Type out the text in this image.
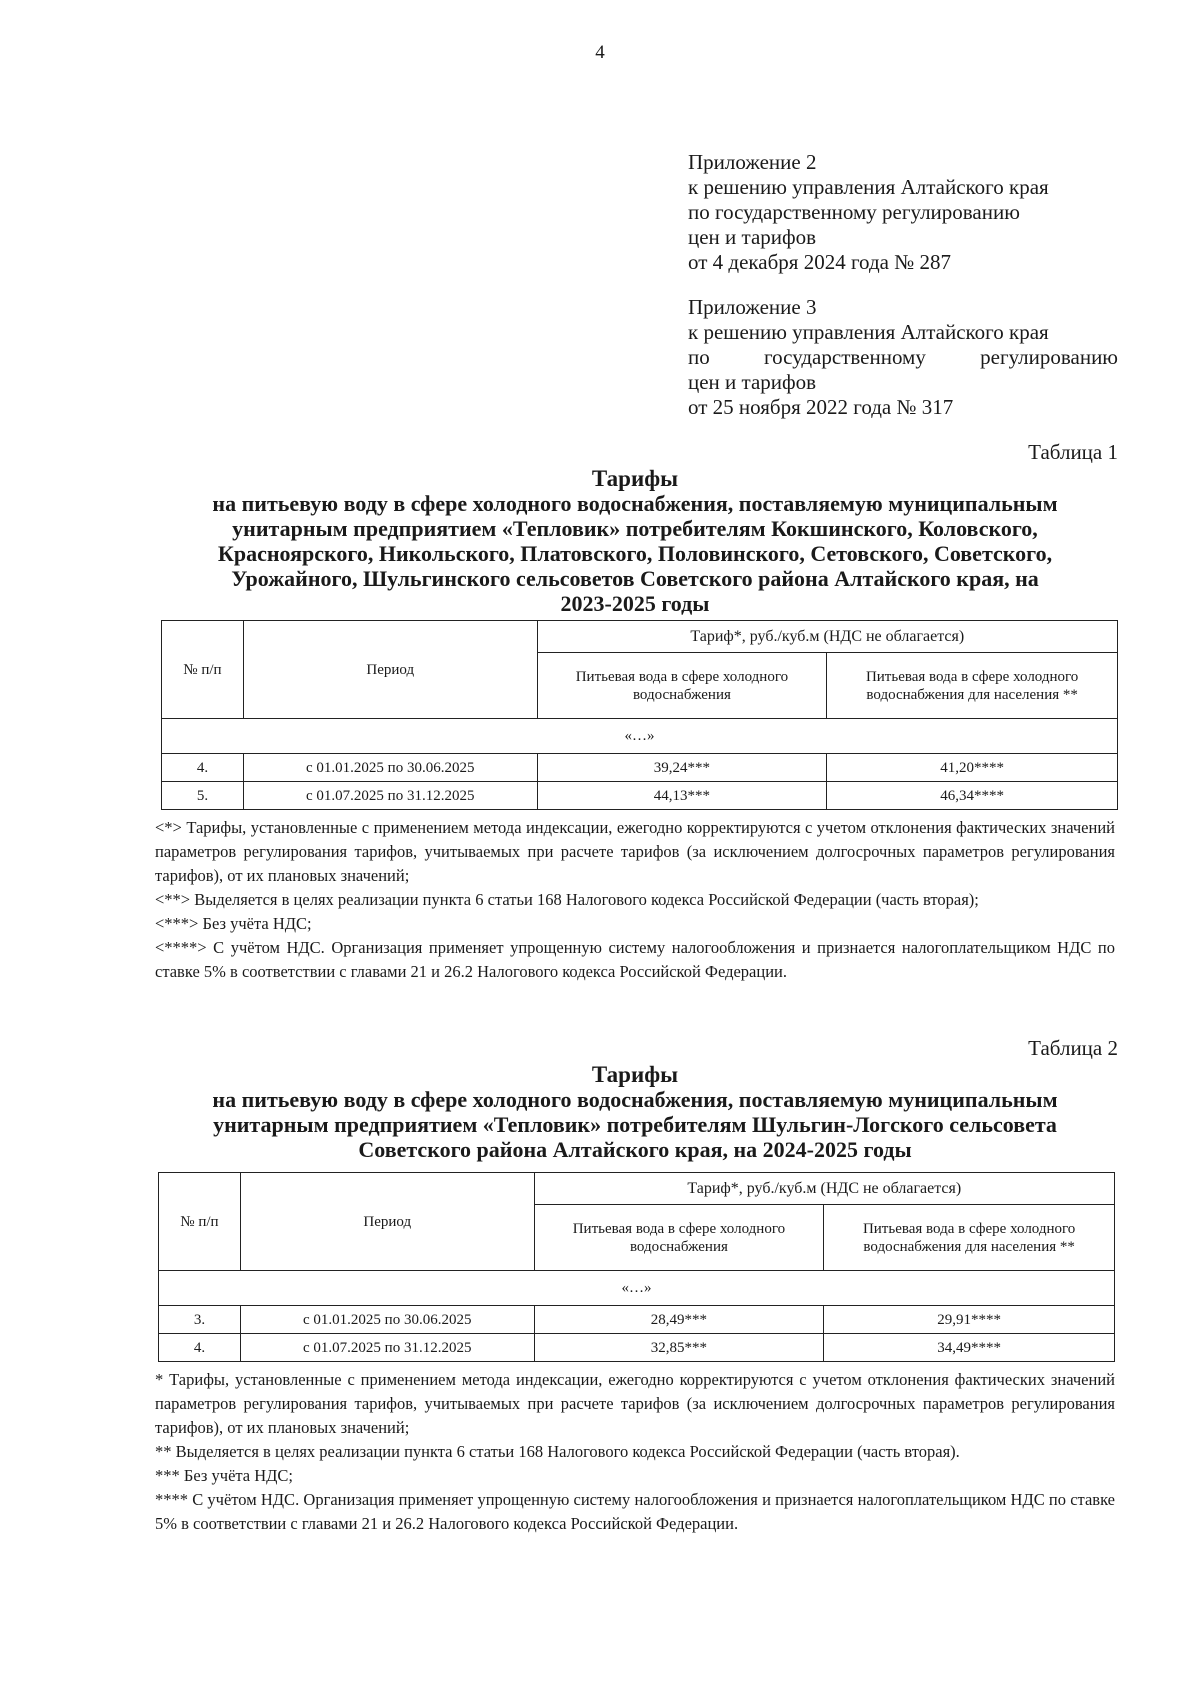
4
Приложение 2
к решению управления Алтайского края
по государственному регулированию
цен и тарифов
от 4 декабря 2024 года № 287
Приложение 3
к решению управления Алтайского края
по	государственному	регулированию
цен и тарифов
от 25 ноября 2022 года № 317
Таблица 1
Тарифы
на питьевую воду в сфере холодного водоснабжения, поставляемую муниципальным
унитарным предприятием «Тепловик» потребителям Кокшинского, Коловского,
Красноярского, Никольского, Платовского, Половинского, Сетовского, Советского,
Урожайного, Шульгинского сельсоветов Советского района Алтайского края, на
2023-2025 годы
№ п/п	Период	Тариф*, руб./куб.м (НДС не облагается)	
		Питьевая вода в сфере холодного водоснабжения	Питьевая вода в сфере холодного водоснабжения для населения **
«…»			
4.	с 01.01.2025 по 30.06.2025	39,24***	41,20****
5.	с 01.07.2025 по 31.12.2025	44,13***	46,34****

<*> Тарифы, установленные с применением метода индексации, ежегодно корректируются с учетом отклонения фактических значений параметров регулирования тарифов, учитываемых при расчете тарифов (за исключением долгосрочных параметров регулирования тарифов), от их плановых значений;

<**> Выделяется в целях реализации пункта 6 статьи 168 Налогового кодекса Российской Федерации (часть вторая);

<***> Без учёта НДС;

<****> С учётом НДС. Организация применяет упрощенную систему налогообложения и признается налогоплательщиком НДС по ставке 5% в соответствии с главами 21 и 26.2 Налогового кодекса Российской Федерации.

Таблица 2
Тарифы
на питьевую воду в сфере холодного водоснабжения, поставляемую муниципальным
унитарным предприятием «Тепловик» потребителям Шульгин-Логского сельсовета
Советского района Алтайского края, на 2024-2025 годы
№ п/п	Период	Тариф*, руб./куб.м (НДС не облагается)	
		Питьевая вода в сфере холодного водоснабжения	Питьевая вода в сфере холодного водоснабжения для населения **
«…»			
3.	с 01.01.2025 по 30.06.2025	28,49***	29,91****
4.	с 01.07.2025 по 31.12.2025	32,85***	34,49****

* Тарифы, установленные с применением метода индексации, ежегодно корректируются с учетом отклонения фактических значений параметров регулирования тарифов, учитываемых при расчете тарифов (за исключением долгосрочных параметров регулирования тарифов), от их плановых значений;

** Выделяется в целях реализации пункта 6 статьи 168 Налогового кодекса Российской Федерации (часть вторая).

*** Без учёта НДС;

**** С учётом НДС. Организация применяет упрощенную систему налогообложения и признается налогоплательщиком НДС по ставке 5% в соответствии с главами 21 и 26.2 Налогового кодекса Российской Федерации.
